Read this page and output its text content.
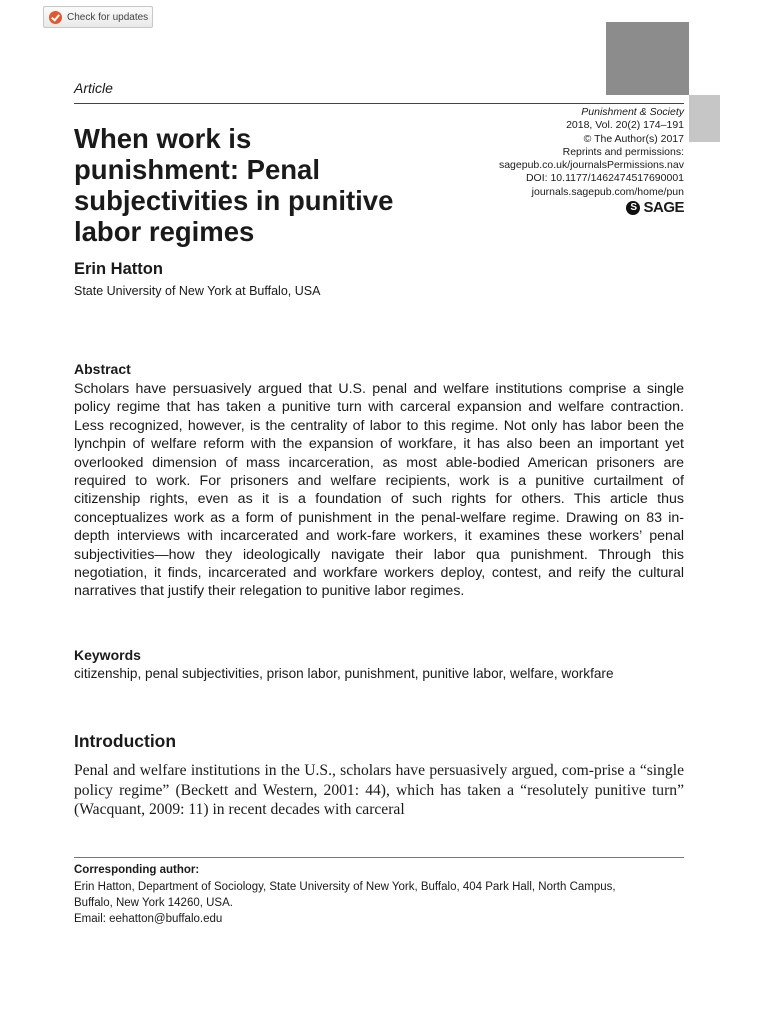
Check for updates
Article
Punishment & Society
2018, Vol. 20(2) 174–191
© The Author(s) 2017
Reprints and permissions:
sagepub.co.uk/journalsPermissions.nav
DOI: 10.1177/1462474517690001
journals.sagepub.com/home/pun
S SAGE
When work is
punishment: Penal
subjectivities in punitive
labor regimes
Erin Hatton
State University of New York at Buffalo, USA
Abstract

Scholars have persuasively argued that U.S. penal and welfare institutions comprise a single policy regime that has taken a punitive turn with carceral expansion and welfare contraction. Less recognized, however, is the centrality of labor to this regime. Not only has labor been the lynchpin of welfare reform with the expansion of workfare, it has also been an important yet overlooked dimension of mass incarceration, as most able-bodied American prisoners are required to work. For prisoners and welfare recipients, work is a punitive curtailment of citizenship rights, even as it is a foundation of such rights for others. This article thus conceptualizes work as a form of punishment in the penal-welfare regime. Drawing on 83 in-depth interviews with incarcerated and work-fare workers, it examines these workers’ penal subjectivities—how they ideologically navigate their labor qua punishment. Through this negotiation, it finds, incarcerated and workfare workers deploy, contest, and reify the cultural narratives that justify their relegation to punitive labor regimes.

Keywords
citizenship, penal subjectivities, prison labor, punishment, punitive labor, welfare, workfare
Introduction

Penal and welfare institutions in the U.S., scholars have persuasively argued, com-prise a “single policy regime” (Beckett and Western, 2001: 44), which has taken a “resolutely punitive turn” (Wacquant, 2009: 11) in recent decades with carceral

Corresponding author:
Erin Hatton, Department of Sociology, State University of New York, Buffalo, 404 Park Hall, North Campus,
Buffalo, New York 14260, USA.
Email: eehatton@buffalo.edu
